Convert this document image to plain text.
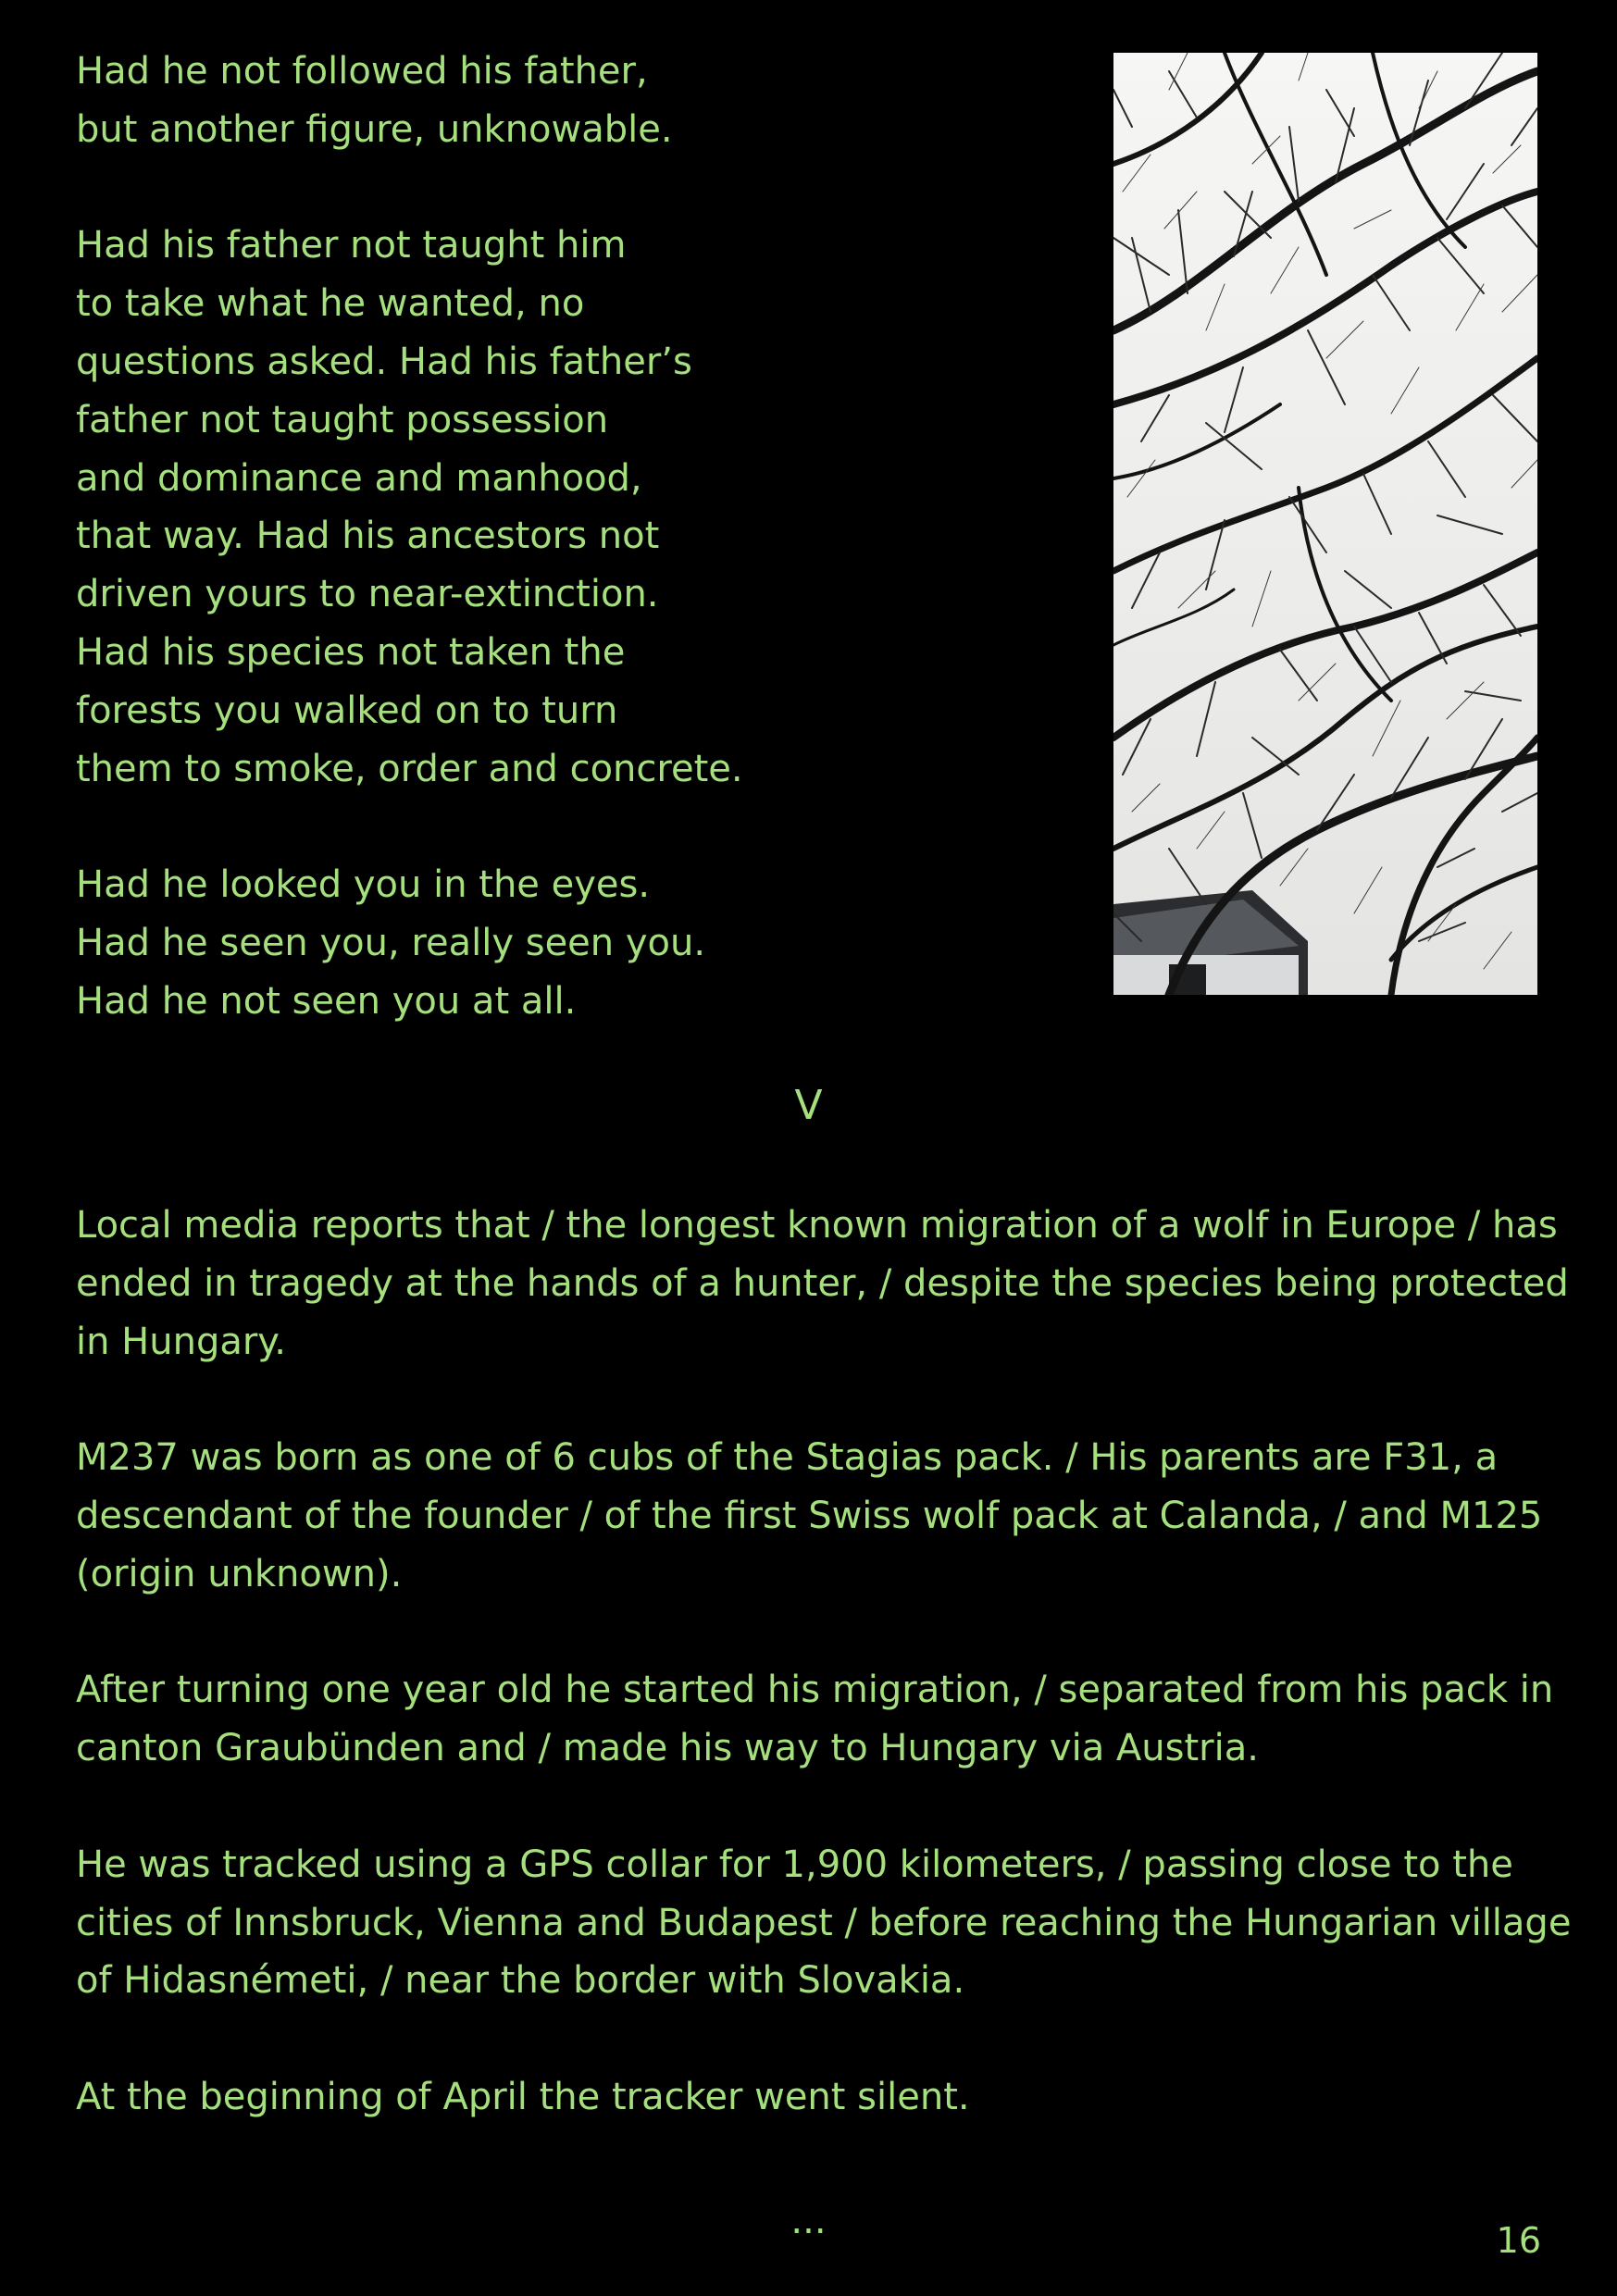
Had he not followed his father,
but another figure, unknowable.
Had his father not taught him
to take what he wanted, no
questions asked. Had his father’s
father not taught possession
and dominance and manhood,
that way. Had his ancestors not
driven yours to near-extinction.
Had his species not taken the
forests you walked on to turn
them to smoke, order and concrete.
Had he looked you in the eyes.
Had he seen you, really seen you.
Had he not seen you at all.
V

Local media reports that / the longest known migration of a wolf in Europe / has ended in tragedy at the hands of a hunter, / despite the species being protected in Hungary.

M237 was born as one of 6 cubs of the Stagias pack. / His parents are F31, a descendant of the founder / of the first Swiss wolf pack at Calanda, / and M125 (origin unknown).

After turning one year old he started his migration, / separated from his pack in canton Graubünden and / made his way to Hungary via Austria.

He was tracked using a GPS collar for 1,900 kilometers, / passing close to the cities of Innsbruck, Vienna and Budapest / before reaching the Hungarian village of Hidasnémeti, / near the border with Slovakia.

At the beginning of April the tracker went silent.

...	16
